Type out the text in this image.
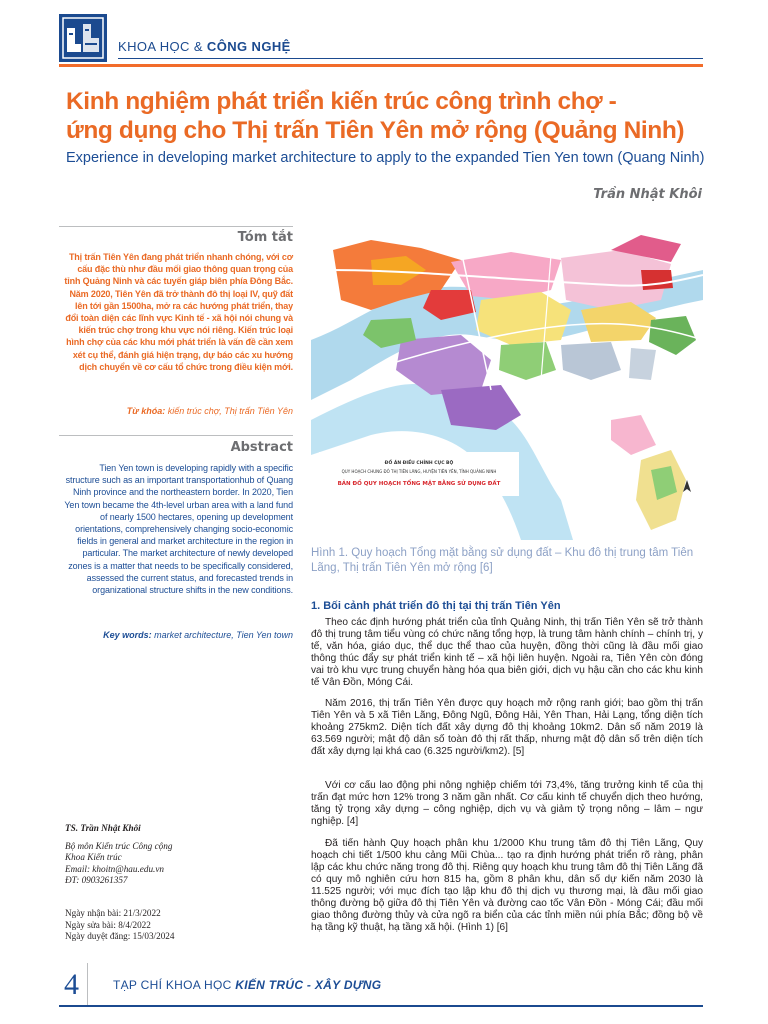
KHOA HỌC & CÔNG NGHỆ
Kinh nghiệm phát triển kiến trúc công trình chợ -
ứng dụng cho Thị trấn Tiên Yên mở rộng (Quảng Ninh)
Experience in developing market architecture to apply to the expanded Tien Yen town (Quang Ninh)
Trần Nhật Khôi
Tóm tắt
Thị trấn Tiên Yên đang phát triển nhanh chóng, với cơ cấu đặc thù như đầu mối giao thông quan trọng của tỉnh Quảng Ninh và các tuyến giáp biên phía Đông Bắc. Năm 2020, Tiên Yên đã trở thành đô thị loại IV, quỹ đất lên tới gần 1500ha, mở ra các hướng phát triển, thay đổi toàn diện các lĩnh vực Kinh tế - xã hội nói chung và kiến trúc chợ trong khu vực nói riêng. Kiến trúc loại hình chợ của các khu mới phát triển là vấn đề cần xem xét cụ thể, đánh giá hiện trạng, dự báo các xu hướng dịch chuyển về cơ cấu tổ chức trong điều kiện mới.
Từ khóa: kiến trúc chợ, Thị trấn Tiên Yên
Abstract
Tien Yen town is developing rapidly with a specific structure such as an important transportationhub of Quang Ninh province and the northeastern border. In 2020, Tien Yen town became the 4th-level urban area with a land fund of nearly 1500 hectares, opening up development orientations, comprehensively changing socio-economic fields in general and market architecture in the region in particular. The market architecture of newly developed zones is a matter that needs to be specifically considered, assessed the current status, and forecasted trends in organizational structure shifts in the new conditions.
Key words: market architecture, Tien Yen town
TS. Trần Nhật Khôi
Bộ môn Kiến trúc Công cộng
Khoa Kiến trúc
Email: khoitn@hau.edu.vn
ĐT: 0903261357
Ngày nhận bài: 21/3/2022
Ngày sửa bài: 8/4/2022
Ngày duyệt đăng: 15/03/2024
ĐỒ ÁN ĐIỀU CHỈNH CỤC BỘ
QUY HOẠCH CHUNG ĐÔ THỊ TIÊN LÃNG, HUYỆN TIÊN YÊN, TỈNH QUẢNG NINH
BẢN ĐỒ QUY HOẠCH TỔNG MẶT BẰNG SỬ DỤNG ĐẤT
Hình 1. Quy hoạch Tổng mặt bằng sử dụng đất – Khu đô thị trung tâm Tiên Lãng, Thị trấn Tiên Yên mở rộng [6]
1. Bối cảnh phát triển đô thị tại thị trấn Tiên Yên
Theo các định hướng phát triển của tỉnh Quảng Ninh, thị trấn Tiên Yên sẽ trở thành đô thị trung tâm tiểu vùng có chức năng tổng hợp, là trung tâm hành chính – chính trị, y tế, văn hóa, giáo dục, thể dục thể thao của huyện, đồng thời cũng là đầu mối giao thông thúc đẩy sự phát triển kinh tế – xã hội liên huyện. Ngoài ra, Tiên Yên còn đóng vai trò khu vực trung chuyển hàng hóa qua biên giới, dịch vụ hậu cần cho các khu kinh tế Vân Đồn, Móng Cái.
Năm 2016, thị trấn Tiên Yên được quy hoạch mở rộng ranh giới; bao gồm thị trấn Tiên Yên và 5 xã Tiên Lãng, Đông Ngũ, Đông Hải, Yên Than, Hải Lạng, tổng diện tích khoảng 275km2. Diện tích đất xây dựng đô thị khoảng 10km2. Dân số năm 2019 là 63.569 người; mật độ dân số toàn đô thị rất thấp, nhưng mật độ dân số trên diện tích đất xây dựng lại khá cao (6.325 người/km2). [5]
Với cơ cấu lao động phi nông nghiệp chiếm tới 73,4%, tăng trưởng kinh tế của thị trấn đạt mức hơn 12% trong 3 năm gần nhất. Cơ cấu kinh tế chuyển dịch theo hướng, tăng tỷ trọng xây dựng – công nghiệp, dịch vụ và giảm tỷ trọng nông – lâm – ngư nghiệp. [4]
Đã tiến hành Quy hoạch phân khu 1/2000 Khu trung tâm đô thị Tiên Lãng, Quy hoạch chi tiết 1/500 khu cảng Mũi Chùa... tạo ra định hướng phát triển rõ ràng, phân lập các khu chức năng trong đô thị. Riêng quy hoạch khu trung tâm đô thị Tiên Lãng đã có quy mô nghiên cứu hơn 815 ha, gồm 8 phân khu, dân số dự kiến năm 2030 là 11.525 người; với mục đích tạo lập khu đô thị dịch vụ thương mại, là đầu mối giao thông đường bộ giữa đô thị Tiên Yên và đường cao tốc Vân Đồn - Móng Cái; đầu mối giao thông đường thủy và cửa ngõ ra biển của các tỉnh miền núi phía Bắc; đồng bộ về hạ tầng kỹ thuật, hạ tầng xã hội. (Hình 1) [6]
4	TẠP CHÍ KHOA HỌC KIẾN TRÚC - XÂY DỰNG
